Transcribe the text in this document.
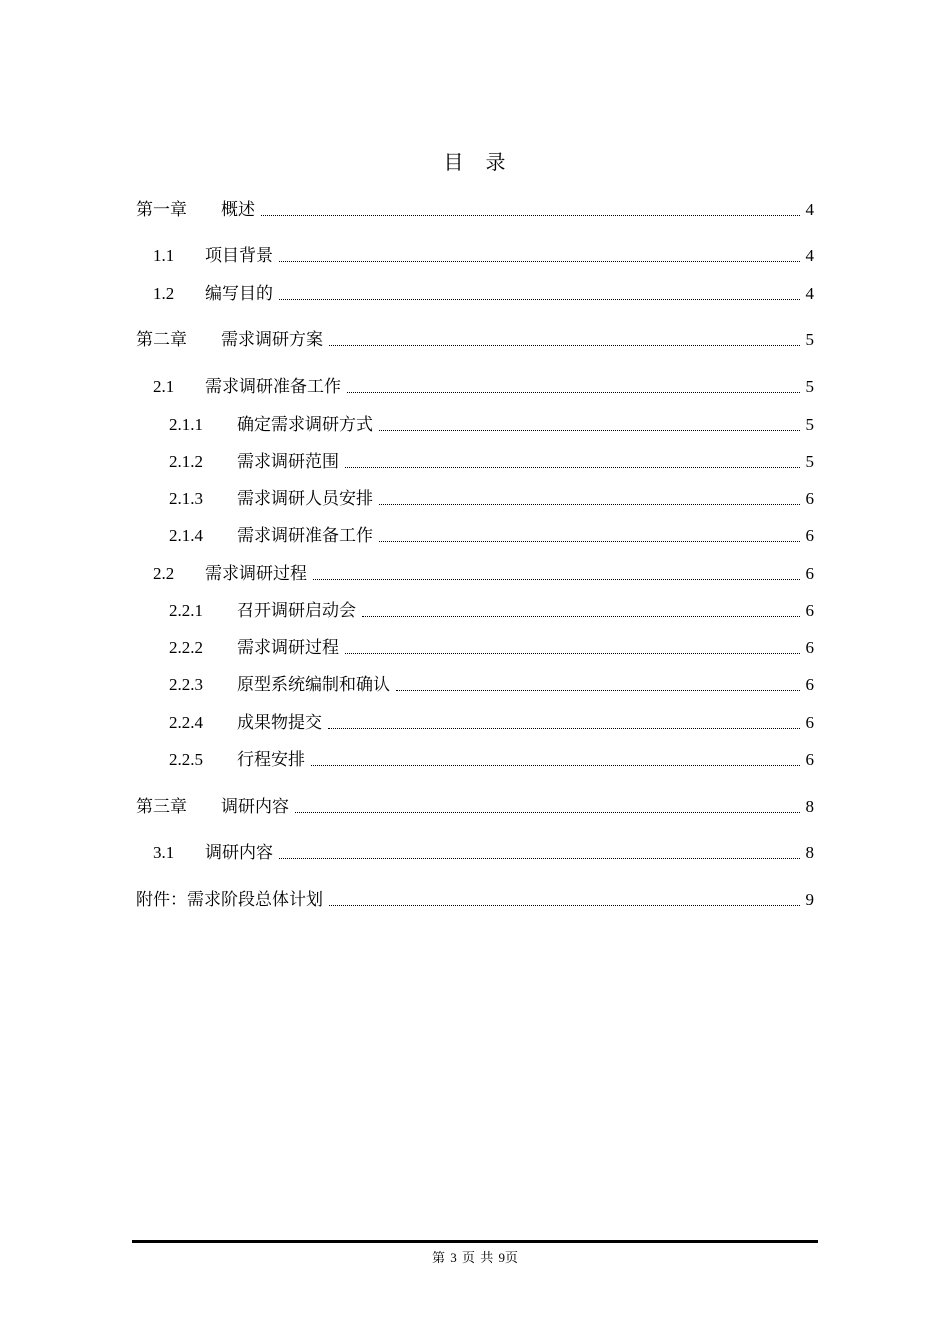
目 录
第一章	概述	4
1.1	项目背景	4
1.2	编写目的	4
第二章	需求调研方案	5
2.1	需求调研准备工作	5
2.1.1	确定需求调研方式	5
2.1.2	需求调研范围	5
2.1.3	需求调研人员安排	6
2.1.4	需求调研准备工作	6
2.2	需求调研过程	6
2.2.1	召开调研启动会	6
2.2.2	需求调研过程	6
2.2.3	原型系统编制和确认	6
2.2.4	成果物提交	6
2.2.5	行程安排	6
第三章	调研内容	8
3.1	调研内容	8
附件：需求阶段总体计划	9
第 3 页 共 9页
